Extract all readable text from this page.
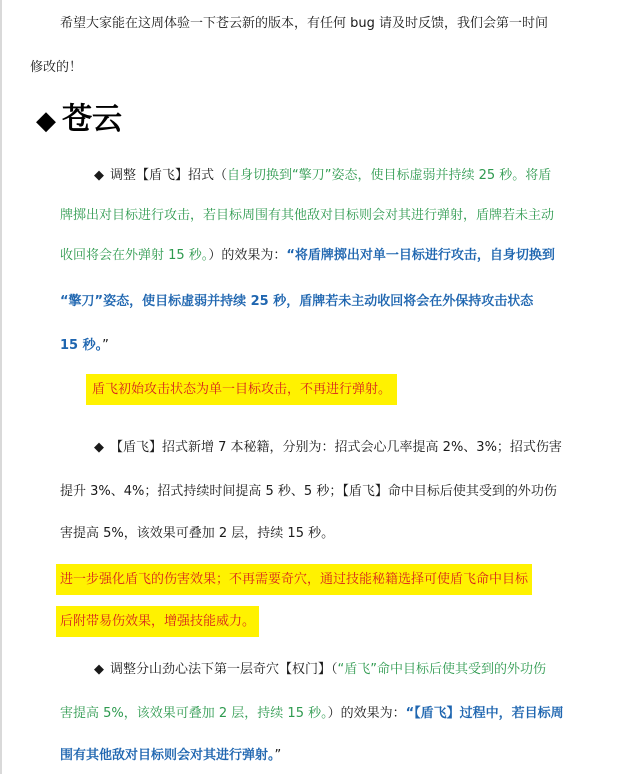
希望大家能在这周体验一下苍云新的版本，有任何 bug 请及时反馈，我们会第一时间
修改的！
◆ 苍云
◆ 调整【盾飞】招式（自身切换到“擎刀”姿态，使目标虚弱并持续 25 秒。将盾
牌掷出对目标进行攻击，若目标周围有其他敌对目标则会对其进行弹射，盾牌若未主动
收回将会在外弹射 15 秒。）的效果为：“将盾牌掷出对单一目标进行攻击，自身切换到
“擎刀”姿态，使目标虚弱并持续 25 秒，盾牌若未主动收回将会在外保持攻击状态
15 秒。”
盾飞初始攻击状态为单一目标攻击，不再进行弹射。
◆ 【盾飞】招式新增 7 本秘籍，分别为：招式会心几率提高 2%、3%；招式伤害
提升 3%、4%；招式持续时间提高 5 秒、5 秒；【盾飞】命中目标后使其受到的外功伤
害提高 5%，该效果可叠加 2 层，持续 15 秒。
进一步强化盾飞的伤害效果；不再需要奇穴，通过技能秘籍选择可使盾飞命中目标
后附带易伤效果，增强技能威力。
◆ 调整分山劲心法下第一层奇穴【权门】（“盾飞”命中目标后使其受到的外功伤
害提高 5%，该效果可叠加 2 层，持续 15 秒。）的效果为：“【盾飞】过程中，若目标周
围有其他敌对目标则会对其进行弹射。”
